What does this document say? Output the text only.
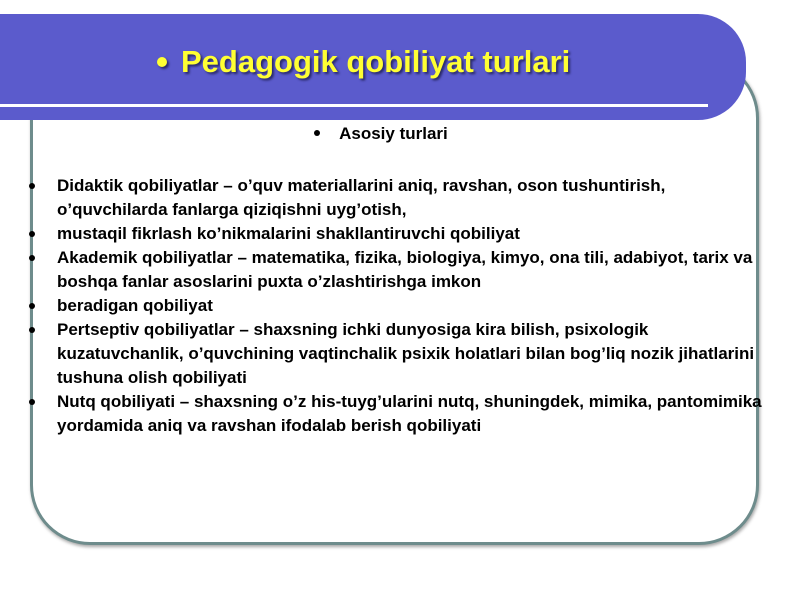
Pedagogik qobiliyat turlari
Asosiy turlari
Didaktik qobiliyatlar – o’quv materiallarini aniq, ravshan, oson tushuntirish, o’quvchilarda fanlarga qiziqishni uyg’otish,
mustaqil fikrlash ko’nikmalarini shakllantiruvchi qobiliyat
Akademik qobiliyatlar – matematika, fizika, biologiya, kimyo, ona tili, adabiyot, tarix va boshqa fanlar asoslarini puxta o’zlashtirishga imkon
beradigan qobiliyat
Pertseptiv qobiliyatlar – shaxsning ichki dunyosiga kira bilish, psixologik kuzatuvchanlik, o’quvchining vaqtinchalik psixik holatlari bilan bog’liq nozik jihatlarini tushuna olish qobiliyati
Nutq qobiliyati – shaxsning o’z his-tuyg’ularini nutq, shuningdek, mimika, pantomimika yordamida aniq va ravshan ifodalab berish qobiliyati
